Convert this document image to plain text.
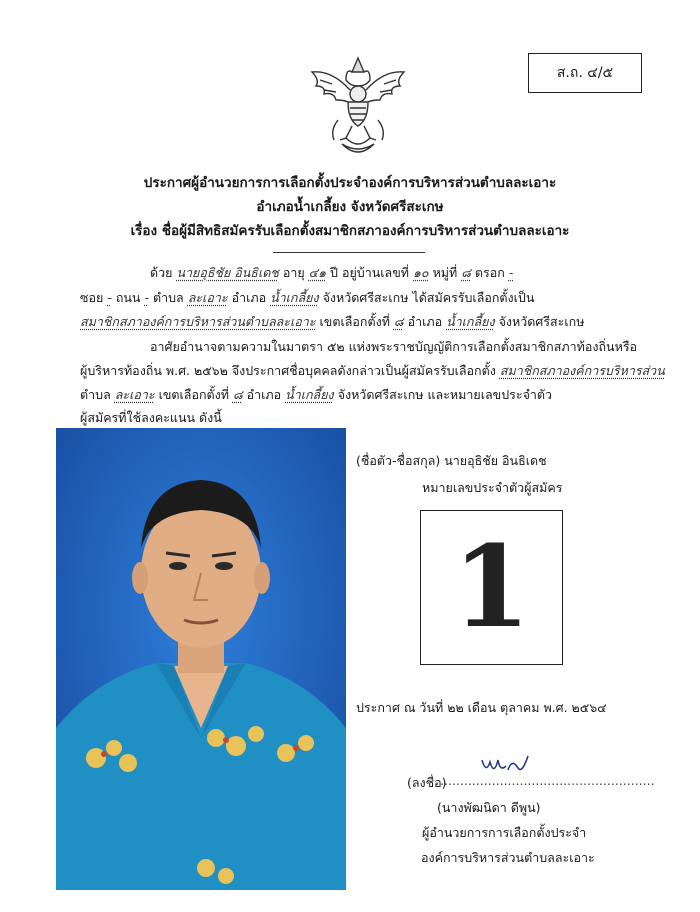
ส.ถ. ๔/๕
ประกาศผู้อำนวยการการเลือกตั้งประจำองค์การบริหารส่วนตำบลละเอาะ
อำเภอน้ำเกลี้ยง จังหวัดศรีสะเกษ
เรื่อง ชื่อผู้มีสิทธิสมัครรับเลือกตั้งสมาชิกสภาองค์การบริหารส่วนตำบลละเอาะ
ด้วย นายอุธิชัย อินธิเดช อายุ ๔๑ ปี อยู่บ้านเลขที่ ๑๐ หมู่ที่ ๘ ตรอก -
ซอย - ถนน - ตำบล ละเอาะ อำเภอ น้ำเกลี้ยง จังหวัดศรีสะเกษ ได้สมัครรับเลือกตั้งเป็น
สมาชิกสภาองค์การบริหารส่วนตำบลละเอาะ เขตเลือกตั้งที่ ๘ อำเภอ น้ำเกลี้ยง จังหวัดศรีสะเกษ
อาศัยอำนาจตามความในมาตรา ๕๒ แห่งพระราชบัญญัติการเลือกตั้งสมาชิกสภาท้องถิ่นหรือ
ผู้บริหารท้องถิ่น พ.ศ. ๒๕๖๒ จึงประกาศชื่อบุคคลดังกล่าวเป็นผู้สมัครรับเลือกตั้ง สมาชิกสภาองค์การบริหารส่วน
ตำบล ละเอาะ เขตเลือกตั้งที่ ๘ อำเภอ น้ำเกลี้ยง จังหวัดศรีสะเกษ และหมายเลขประจำตัว
ผู้สมัครที่ใช้ลงคะแนน ดังนี้
(ชื่อตัว-ชื่อสกุล) นายอุธิชัย อินธิเดช
หมายเลขประจำตัวผู้สมัคร
1
ประกาศ ณ วันที่ ๒๒ เดือน ตุลาคม พ.ศ. ๒๕๖๔
(ลงชื่อ)
......................................................
(นางพัฒนิดา ดีพูน)
ผู้อำนวยการการเลือกตั้งประจำ
องค์การบริหารส่วนตำบลละเอาะ
